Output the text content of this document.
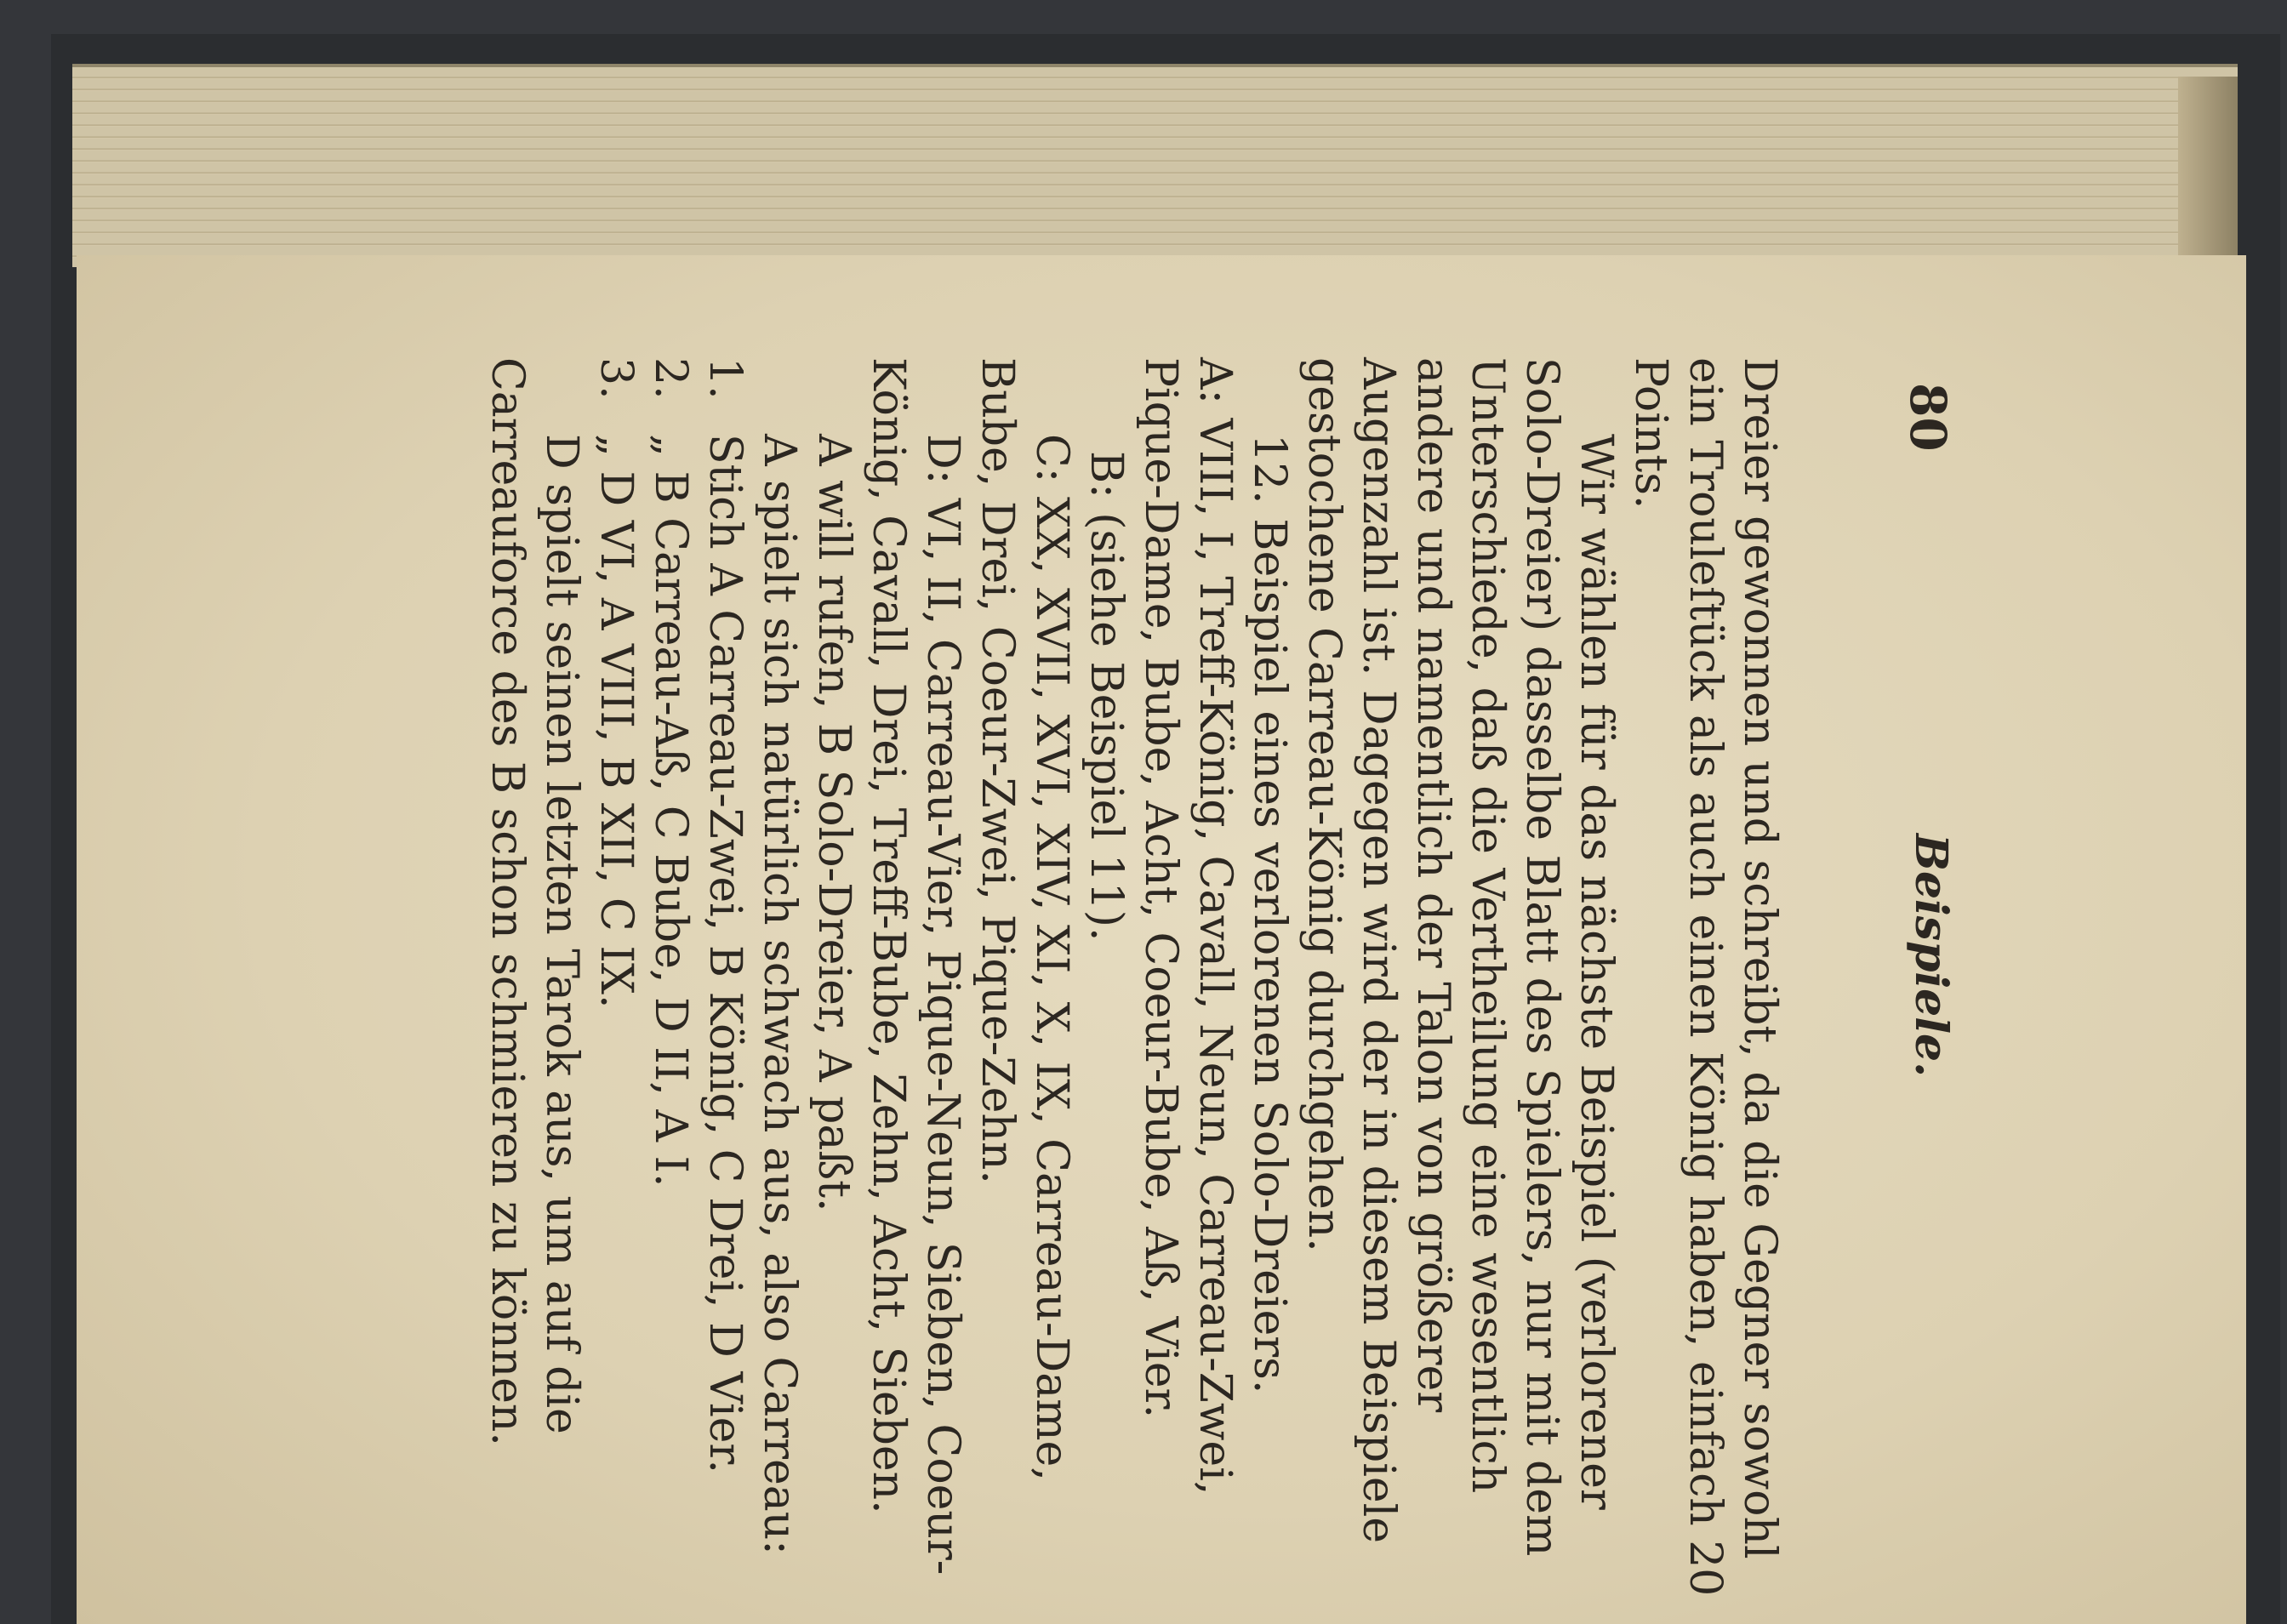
80
Beispiele.

Dreier gewonnen und schreibt, da die Gegner sowohl ein Trouleſtück als auch einen König haben, einfach 20 Points.

Wir wählen für das nächste Beispiel (verlorener Solo-Dreier) dasselbe Blatt des Spielers, nur mit dem Unterschiede, daß die Vertheilung eine wesentlich andere und namentlich der Talon von größerer Augenzahl ist. Dagegen wird der in diesem Beispiele gestochene Carreau-König durchgehen.

12. Beispiel eines verlorenen Solo-Dreiers.

A: VIII, I, Treff-König, Cavall, Neun, Carreau-Zwei, Pique-Dame, Bube, Acht, Coeur-Bube, Aß, Vier.

B: (siehe Beispiel 11).

C: XX, XVII, XVI, XIV, XI, X, IX, Carreau-Dame, Bube, Drei, Coeur-Zwei, Pique-Zehn.

D: VI, II, Carreau-Vier, Pique-Neun, Sieben, Coeur-König, Cavall, Drei, Treff-Bube, Zehn, Acht, Sieben.

A will rufen, B Solo-Dreier, A paßt.

A spielt sich natürlich schwach aus, also Carreau:

1.
Stich A Carreau-Zwei, B König, C Drei, D Vier.
2.
„ B Carreau-Aß, C Bube, D II, A I.
3.
„ D VI, A VIII, B XII, C IX.

D spielt seinen letzten Tarok aus, um auf die Carreauforce des B schon schmieren zu können.
